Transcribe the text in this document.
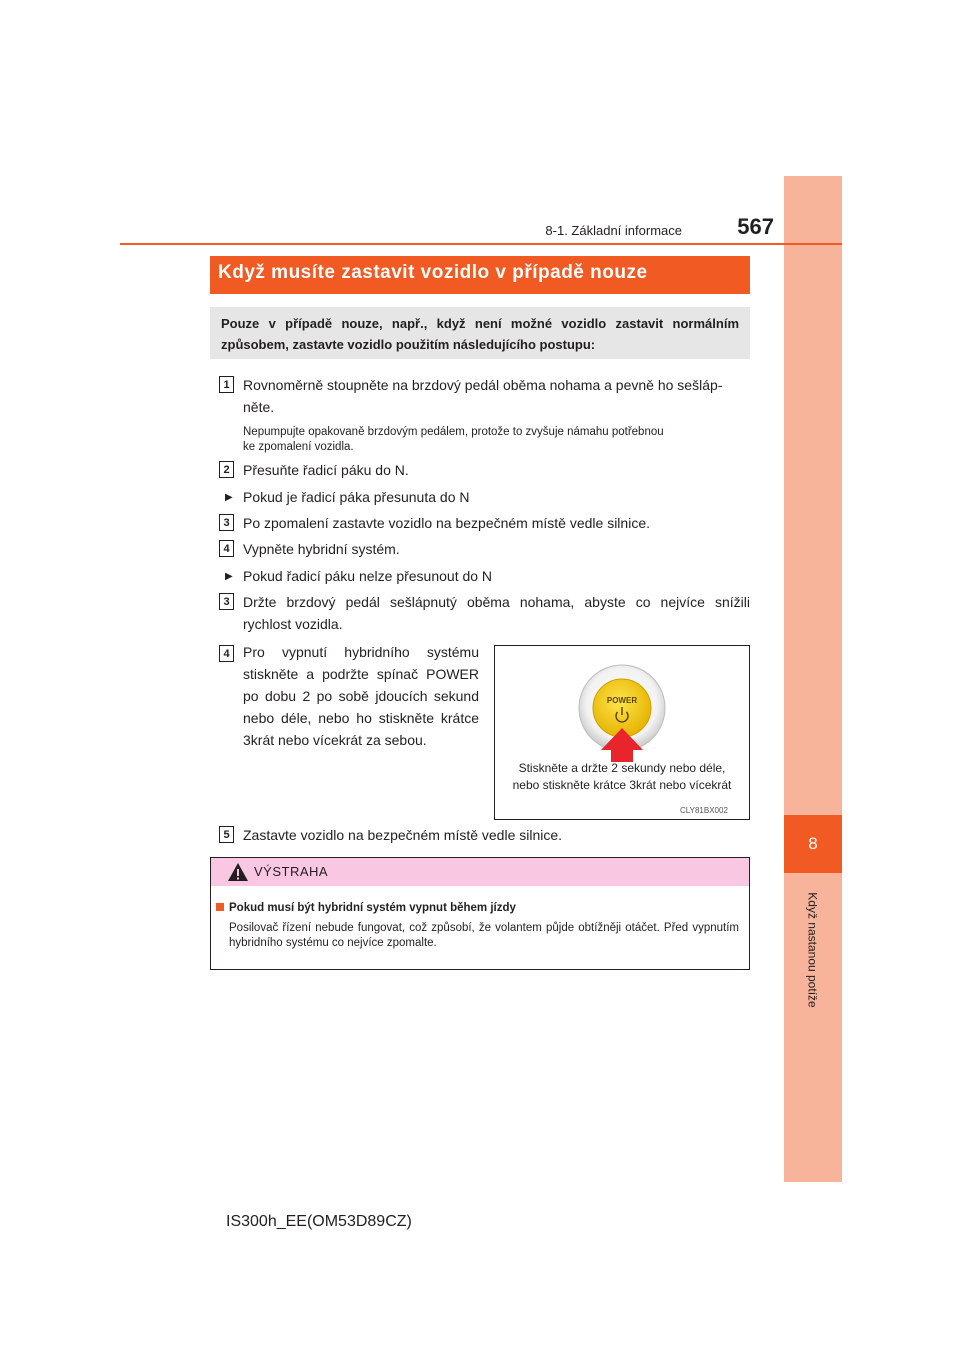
8
Když nastanou potíže
8-1. Základní informace	567
Když musíte zastavit vozidlo v případě nouze

Pouze v případě nouze, např., když není možné vozidlo zastavit normálním způsobem, zastavte vozidlo použitím následujícího postupu:

1 Rovnoměrně stoupněte na brzdový pedál oběma nohama a pevně ho sešláp-
něte.
Nepumpujte opakovaně brzdovým pedálem, protože to zvyšuje námahu potřebnou
ke zpomalení vozidla.
2 Přesuňte řadicí páku do N.
▶ Pokud je řadicí páka přesunuta do N
3 Po zpomalení zastavte vozidlo na bezpečném místě vedle silnice.
4 Vypněte hybridní systém.
▶ Pokud řadicí páku nelze přesunout do N
3 Držte brzdový pedál sešlápnutý oběma nohama, abyste co nejvíce snížili
rychlost vozidla.
4 Pro vypnutí hybridního systému
stiskněte a podržte spínač POWER
po dobu 2 po sobě jdoucích sekund
nebo déle, nebo ho stiskněte krátce
3krát nebo vícekrát za sebou.
POWER
Stiskněte a držte 2 sekundy nebo déle,
nebo stiskněte krátce 3krát nebo vícekrát
CLY81BX002
5 Zastavte vozidlo na bezpečném místě vedle silnice.
VÝSTRAHA
Pokud musí být hybridní systém vypnut během jízdy
Posilovač řízení nebude fungovat, což způsobí, že volantem půjde obtížněji otáčet. Před vypnutím hybridního systému co nejvíce zpomalte.
IS300h_EE(OM53D89CZ)
